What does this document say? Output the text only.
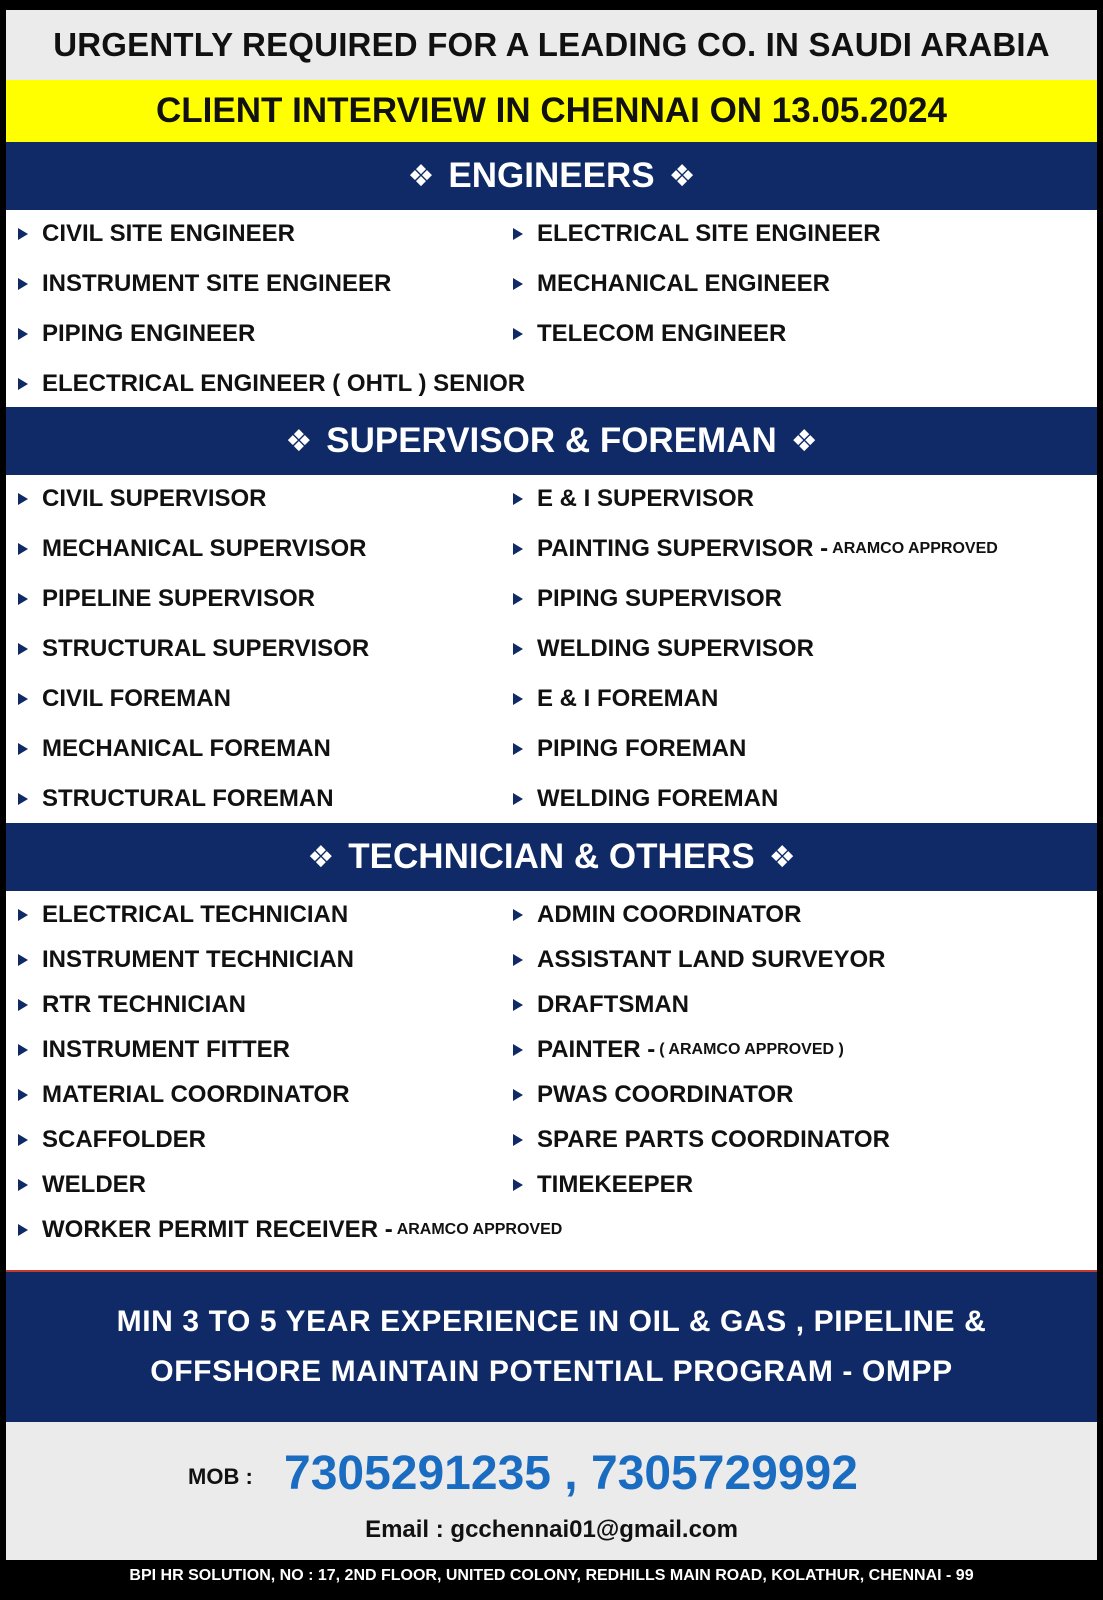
URGENTLY REQUIRED FOR A LEADING CO. IN SAUDI ARABIA
CLIENT INTERVIEW IN CHENNAI ON 13.05.2024
❖ ENGINEERS ❖
CIVIL SITE ENGINEER
INSTRUMENT SITE ENGINEER
PIPING ENGINEER
ELECTRICAL ENGINEER ( OHTL ) SENIOR
ELECTRICAL SITE ENGINEER
MECHANICAL ENGINEER
TELECOM ENGINEER
❖ SUPERVISOR & FOREMAN ❖
CIVIL SUPERVISOR
MECHANICAL SUPERVISOR
PIPELINE SUPERVISOR
STRUCTURAL SUPERVISOR
CIVIL FOREMAN
MECHANICAL FOREMAN
STRUCTURAL FOREMAN
E & I SUPERVISOR
PAINTING SUPERVISOR - ARAMCO APPROVED
PIPING SUPERVISOR
WELDING SUPERVISOR
E & I FOREMAN
PIPING FOREMAN
WELDING FOREMAN
❖ TECHNICIAN & OTHERS ❖
ELECTRICAL TECHNICIAN
INSTRUMENT TECHNICIAN
RTR TECHNICIAN
INSTRUMENT FITTER
MATERIAL COORDINATOR
SCAFFOLDER
WELDER
WORKER PERMIT RECEIVER - ARAMCO APPROVED
ADMIN COORDINATOR
ASSISTANT LAND SURVEYOR
DRAFTSMAN
PAINTER - ( ARAMCO APPROVED )
PWAS COORDINATOR
SPARE PARTS COORDINATOR
TIMEKEEPER
MIN 3 TO 5 YEAR EXPERIENCE IN OIL & GAS , PIPELINE &
OFFSHORE MAINTAIN POTENTIAL PROGRAM - OMPP
MOB : 7305291235 , 7305729992
Email : gcchennai01@gmail.com
BPI HR SOLUTION, NO : 17, 2ND FLOOR, UNITED COLONY, REDHILLS MAIN ROAD, KOLATHUR, CHENNAI - 99
